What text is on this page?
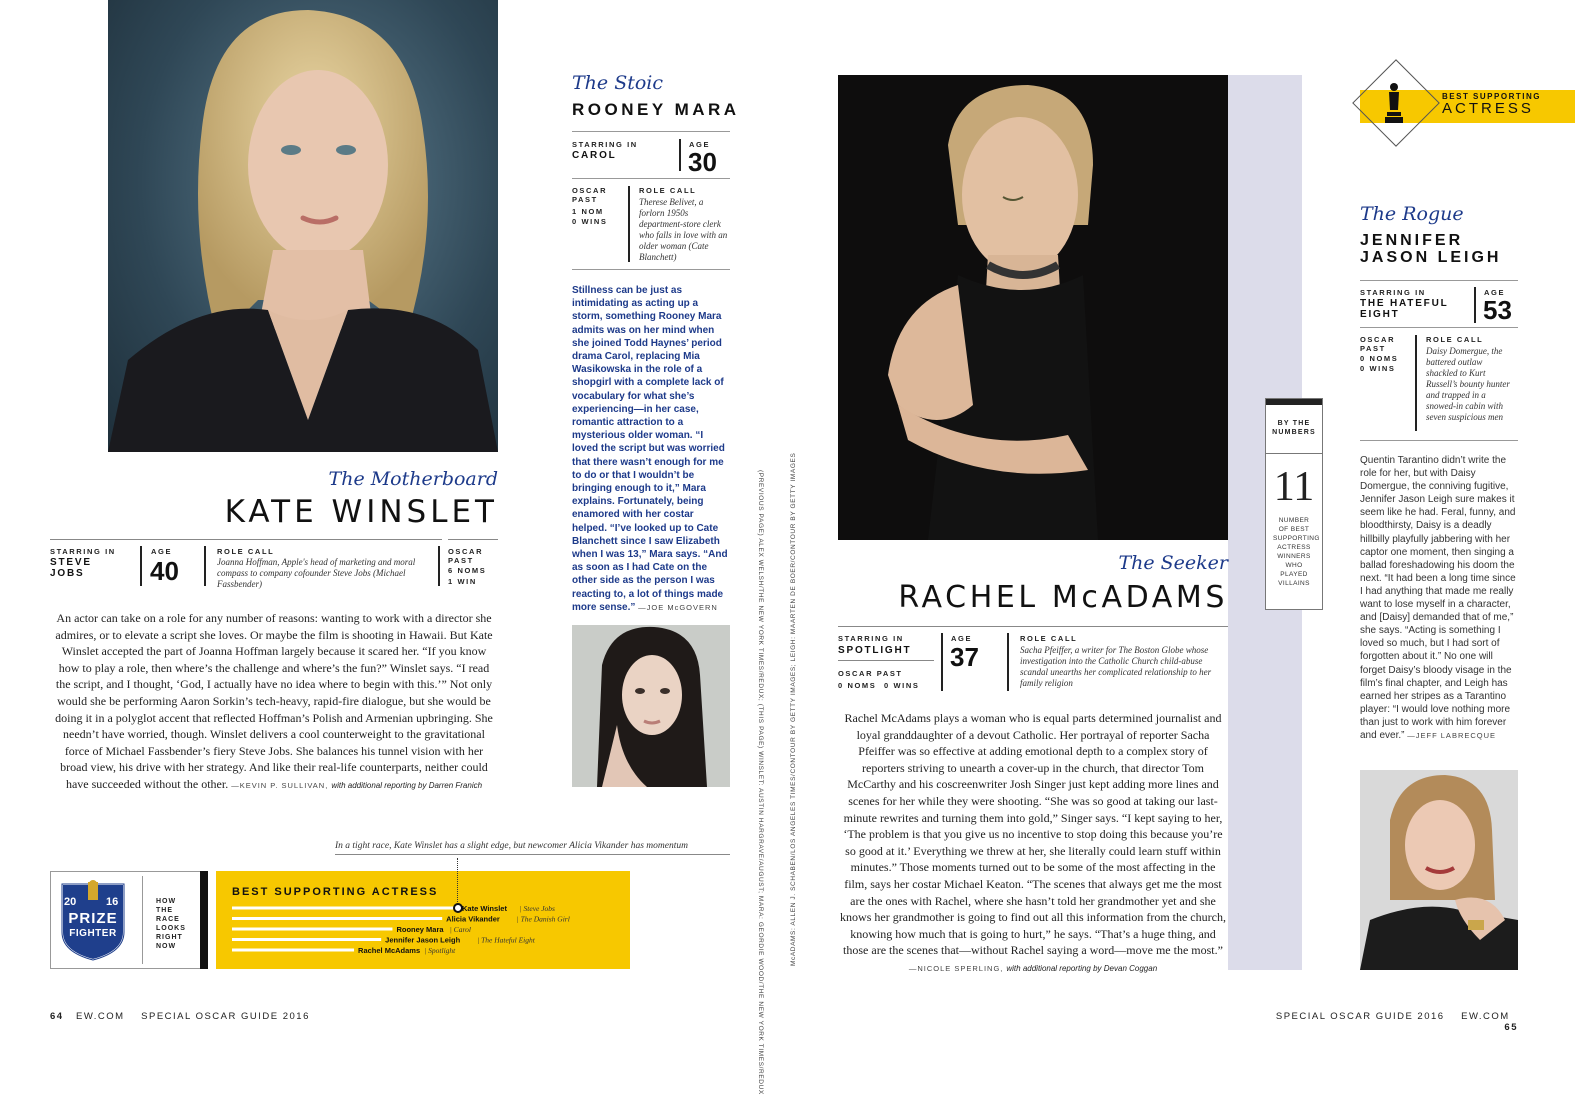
The Motherboard
KATE WINSLET
STARRING IN
STEVE JOBS
AGE
40
ROLE CALL
Joanna Hoffman, Apple's head of marketing and moral compass to company cofounder Steve Jobs (Michael Fassbender)
OSCAR PAST
6 NOMS
1 WIN
An actor can take on a role for any number of reasons: wanting to work with a director she admires, or to elevate a script she loves. Or maybe the film is shooting in Hawaii. But Kate Winslet accepted the part of Joanna Hoffman largely because it scared her. “If you know how to play a role, then where’s the challenge and where’s the fun?” Winslet says. “I read the script, and I thought, ‘God, I actually have no idea where to begin with this.’” Not only would she be performing Aaron Sorkin’s tech-heavy, rapid-fire dialogue, but she would be doing it in a polyglot accent that reflected Hoffman’s Polish and Armenian upbringing. She needn’t have worried, though. Winslet delivers a cool counterweight to the gravitational force of Michael Fassbender’s fiery Steve Jobs. She balances his tunnel vision with her broad view, his drive with her strategy. And like their real-life counterparts, neither could have succeeded without the other. —KEVIN P. SULLIVAN, with additional reporting by Darren Franich
The Stoic
ROONEY MARA
STARRING IN
CAROL
AGE
30
OSCAR PAST
1 NOM
0 WINS
ROLE CALL
Therese Belivet, a forlorn 1950s department-store clerk who falls in love with an older woman (Cate Blanchett)
Stillness can be just as intimidating as acting up a storm, something Rooney Mara admits was on her mind when she joined Todd Haynes’ period drama Carol, replacing Mia Wasikowska in the role of a shopgirl with a complete lack of vocabulary for what she’s experiencing—in her case, romantic attraction to a mysterious older woman. “I loved the script but was worried that there wasn’t enough for me to do or that I wouldn’t be bringing enough to it,” Mara explains. Fortunately, being enamored with her costar helped. “I’ve looked up to Cate Blanchett since I saw Elizabeth when I was 13,” Mara says. “And as soon as I had Cate on the other side as the person I was reacting to, a lot of things made more sense.” —JOE McGOVERN	(PREVIOUS PAGE) ALEX WELSH/THE NEW YORK TIMES/REDUX; (THIS PAGE) WINSLET: AUSTIN HARGRAVE/AUGUST; MARA: GEORDIE WOOD/THE NEW YORK TIMES/REDUX
In a tight race, Kate Winslet has a slight edge, but newcomer Alicia Vikander has momentum
20	16
PRIZE
FIGHTER
HOW THE RACE LOOKS RIGHT NOW
BEST SUPPORTING ACTRESS
Kate Winslet | Steve Jobs
Alicia Vikander | The Danish Girl
Rooney Mara | Carol
Jennifer Jason Leigh | The Hateful Eight
Rachel McAdams | Spotlight
64 EW.COM SPECIAL OSCAR GUIDE 2016
BY THE NUMBERS
11
NUMBER OF BEST SUPPORTING ACTRESS WINNERS WHO PLAYED VILLAINS
The Seeker
RACHEL McADAMS
STARRING IN
SPOTLIGHT
OSCAR PAST
0 NOMS 0 WINS
AGE
37
ROLE CALL
Sacha Pfeiffer, a writer for The Boston Globe whose investigation into the Catholic Church child-abuse scandal unearths her complicated relationship to her family religion
Rachel McAdams plays a woman who is equal parts determined journalist and loyal granddaughter of a devout Catholic. Her portrayal of reporter Sacha Pfeiffer was so effective at adding emotional depth to a complex story of reporters striving to unearth a cover-up in the church, that director Tom McCarthy and his coscreenwriter Josh Singer just kept adding more lines and scenes for her while they were shooting. “She was so good at taking our last-minute rewrites and turning them into gold,” Singer says. “I kept saying to her, ‘The problem is that you give us no incentive to stop doing this because you’re so good at it.’ Everything we threw at her, she literally could learn stuff within minutes.” Those moments turned out to be some of the most affecting in the film, says her costar Michael Keaton. “The scenes that always get me the most are the ones with Rachel, where she hasn’t told her grandmother yet and she knows her grandmother is going to find out all this information from the church, knowing how much that is going to hurt,” he says. “That’s a huge thing, and those are the scenes that—without Rachel saying a word—move me the most.” —NICOLE SPERLING, with additional reporting by Devan Coggan
McADAMS: ALLEN J. SCHABEN/LOS ANGELES TIMES/CONTOUR BY GETTY IMAGES; LEIGH: MAARTEN DE BOER/CONTOUR BY GETTY IMAGES
BEST SUPPORTING
ACTRESS
The Rogue
JENNIFER
JASON LEIGH
STARRING IN
THE HATEFUL EIGHT
AGE
53
OSCAR PAST
0 NOMS
0 WINS
ROLE CALL
Daisy Domergue, the battered outlaw shackled to Kurt Russell’s bounty hunter and trapped in a snowed-in cabin with seven suspicious men
Quentin Tarantino didn’t write the role for her, but with Daisy Domergue, the conniving fugitive, Jennifer Jason Leigh sure makes it seem like he had. Feral, funny, and bloodthirsty, Daisy is a deadly hillbilly playfully jabbering with her captor one moment, then singing a ballad foreshadowing his doom the next. “It had been a long time since I had anything that made me really want to lose myself in a character, and [Daisy] demanded that of me,” she says. “Acting is something I loved so much, but I had sort of forgotten about it.” No one will forget Daisy’s bloody visage in the film’s final chapter, and Leigh has earned her stripes as a Tarantino player: “I would love nothing more than just to work with him forever and ever.” —JEFF LABRECQUE
SPECIAL OSCAR GUIDE 2016 EW.COM   65
